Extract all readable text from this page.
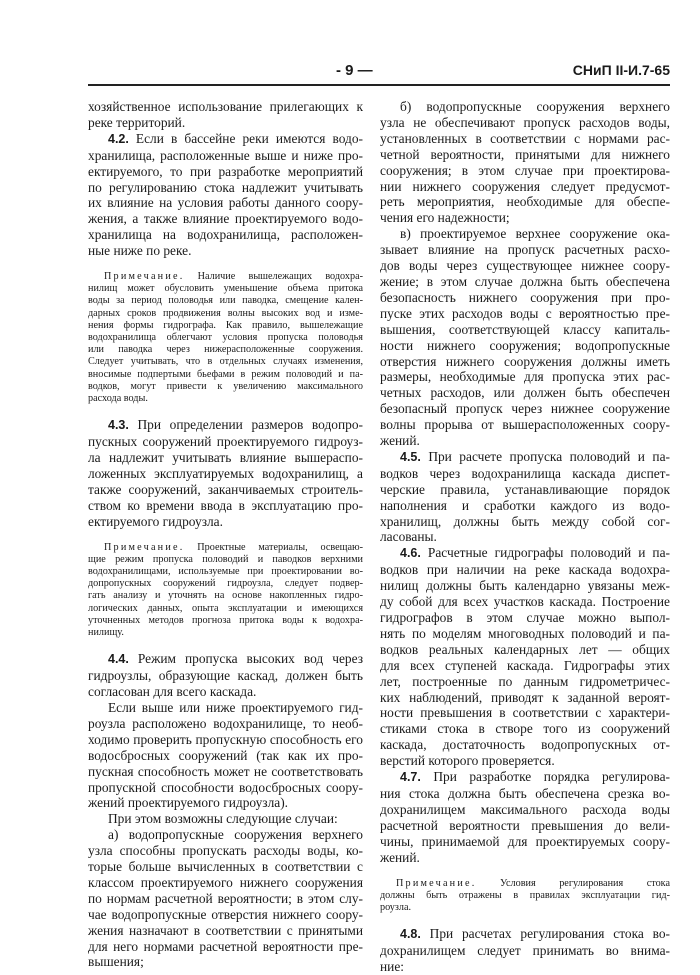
- 9 —	СНиП II-И.7-65
хозяйственное использование прилегающих к
реке территорий.
4.2. Если в бассейне реки имеются водо-
хранилища, расположенные выше и ниже про-
ектируемого, то при разработке мероприятий
по регулированию стока надлежит учитывать
их влияние на условия работы данного соору-
жения, а также влияние проектируемого водо-
хранилища на водохранилища, расположен-
ные ниже по реке.
Примечание. Наличие вышележащих водохра-
нилищ может обусловить уменьшение объема притока
воды за период половодья или паводка, смещение кален-
дарных сроков продвижения волны высоких вод и изме-
нения формы гидрографа. Как правило, вышележащие
водохранилища облегчают условия пропуска половодья
или паводка через нижерасположенные сооружения.
Следует учитывать, что в отдельных случаях изменения,
вносимые подпертыми бьефами в режим половодий и па-
водков, могут привести к увеличению максимального
расхода воды.
4.3. При определении размеров водопро-
пускных сооружений проектируемого гидроуз-
ла надлежит учитывать влияние вышераспо-
ложенных эксплуатируемых водохранилищ, а
также сооружений, заканчиваемых строитель-
ством ко времени ввода в эксплуатацию про-
ектируемого гидроузла.
Примечание. Проектные материалы, освещаю-
щие режим пропуска половодий и паводков верхними
водохранилищами, используемые при проектировании во-
допропускных сооружений гидроузла, следует подвер-
гать анализу и уточнять на основе накопленных гидро-
логических данных, опыта эксплуатации и имеющихся
уточненных методов прогноза притока воды к водохра-
нилищу.
4.4. Режим пропуска высоких вод через
гидроузлы, образующие каскад, должен быть
согласован для всего каскада.
Если выше или ниже проектируемого гид-
роузла расположено водохранилище, то необ-
ходимо проверить пропускную способность его
водосбросных сооружений (так как их про-
пускная способность может не соответствовать
пропускной способности водосбросных соору-
жений проектируемого гидроузла).
При этом возможны следующие случаи:
а) водопропускные сооружения верхнего
узла способны пропускать расходы воды, ко-
торые больше вычисленных в соответствии с
классом проектируемого нижнего сооружения
по нормам расчетной вероятности; в этом слу-
чае водопропускные отверстия нижнего соору-
жения назначают в соответствии с принятыми
для него нормами расчетной вероятности пре-
вышения;
б) водопропускные сооружения верхнего
узла не обеспечивают пропуск расходов воды,
установленных в соответствии с нормами рас-
четной вероятности, принятыми для нижнего
сооружения; в этом случае при проектирова-
нии нижнего сооружения следует предусмот-
реть мероприятия, необходимые для обеспе-
чения его надежности;
в) проектируемое верхнее сооружение ока-
зывает влияние на пропуск расчетных расхо-
дов воды через существующее нижнее соору-
жение; в этом случае должна быть обеспечена
безопасность нижнего сооружения при про-
пуске этих расходов воды с вероятностью пре-
вышения, соответствующей классу капиталь-
ности нижнего сооружения; водопропускные
отверстия нижнего сооружения должны иметь
размеры, необходимые для пропуска этих рас-
четных расходов, или должен быть обеспечен
безопасный пропуск через нижнее сооружение
волны прорыва от вышерасположенных соору-
жений.
4.5. При расчете пропуска половодий и па-
водков через водохранилища каскада диспет-
черские правила, устанавливающие порядок
наполнения и сработки каждого из водо-
хранилищ, должны быть между собой сог-
ласованы.
4.6. Расчетные гидрографы половодий и па-
водков при наличии на реке каскада водохра-
нилищ должны быть календарно увязаны меж-
ду собой для всех участков каскада. Построение
гидрографов в этом случае можно выпол-
нять по моделям многоводных половодий и па-
водков реальных календарных лет — общих
для всех ступеней каскада. Гидрографы этих
лет, построенные по данным гидрометричес-
ких наблюдений, приводят к заданной вероят-
ности превышения в соответствии с характери-
стиками стока в створе того из сооружений
каскада, достаточность водопропускных от-
верстий которого проверяется.
4.7. При разработке порядка регулирова-
ния стока должна быть обеспечена срезка во-
дохранилищем максимального расхода воды
расчетной вероятности превышения до вели-
чины, принимаемой для проектируемых соору-
жений.
Примечание. Условия регулирования стока
должны быть отражены в правилах эксплуатации гид-
роузла.
4.8. При расчетах регулирования стока во-
дохранилищем следует принимать во внима-
ние:
